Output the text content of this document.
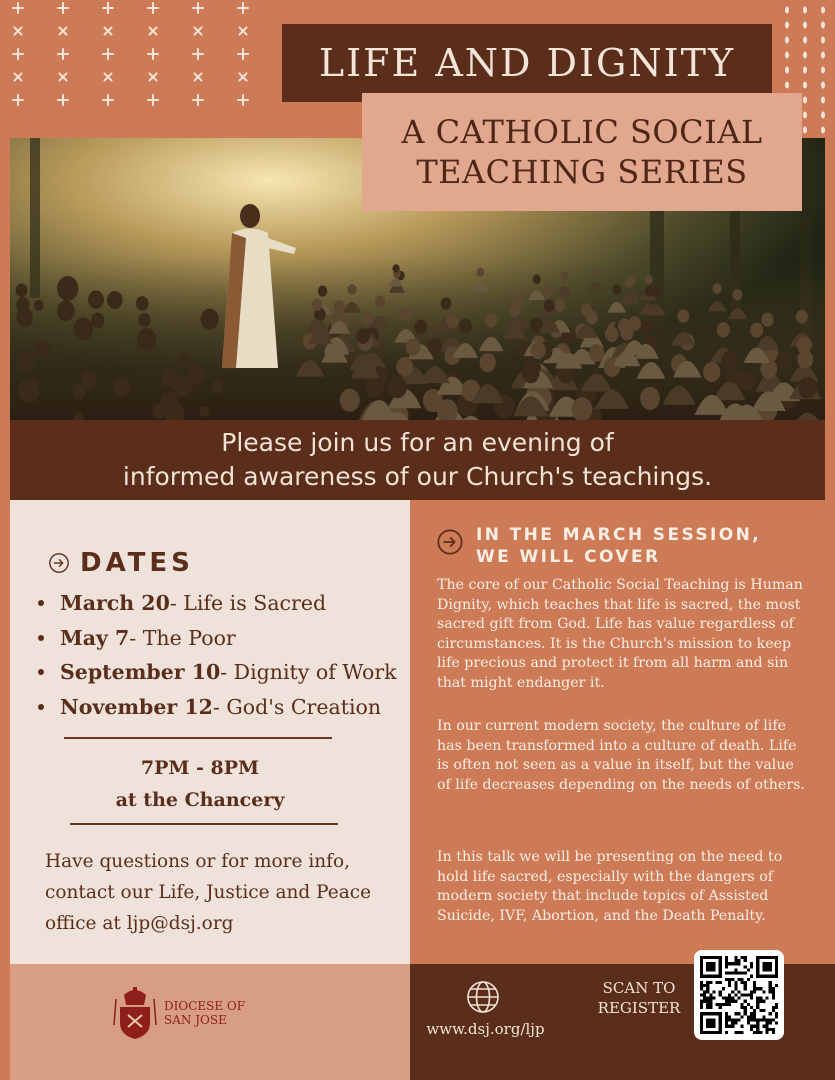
LIFE AND DIGNITY
A CATHOLIC SOCIAL
TEACHING SERIES
Please join us for an evening of
informed awareness of our Church's teachings.
DATES
March 20 - Life is Sacred
May 7 - The Poor
September 10 - Dignity of Work
November 12 - God's Creation
7PM - 8PM
at the Chancery
Have questions or for more info, contact our Life, Justice and Peace office at ljp@dsj.org
DIOCESE OF
SAN JOSE
IN THE MARCH SESSION,
WE WILL COVER
The core of our Catholic Social Teaching is Human Dignity, which teaches that life is sacred, the most sacred gift from God. Life has value regardless of circumstances. It is the Church's mission to keep life precious and protect it from all harm and sin that might endanger it.
In our current modern society, the culture of life has been transformed into a culture of death. Life is often not seen as a value in itself, but the value of life decreases depending on the needs of others.
In this talk we will be presenting on the need to hold life sacred, especially with the dangers of modern society that include topics of Assisted Suicide, IVF, Abortion, and the Death Penalty.
www.dsj.org/ljp
SCAN TO
REGISTER
